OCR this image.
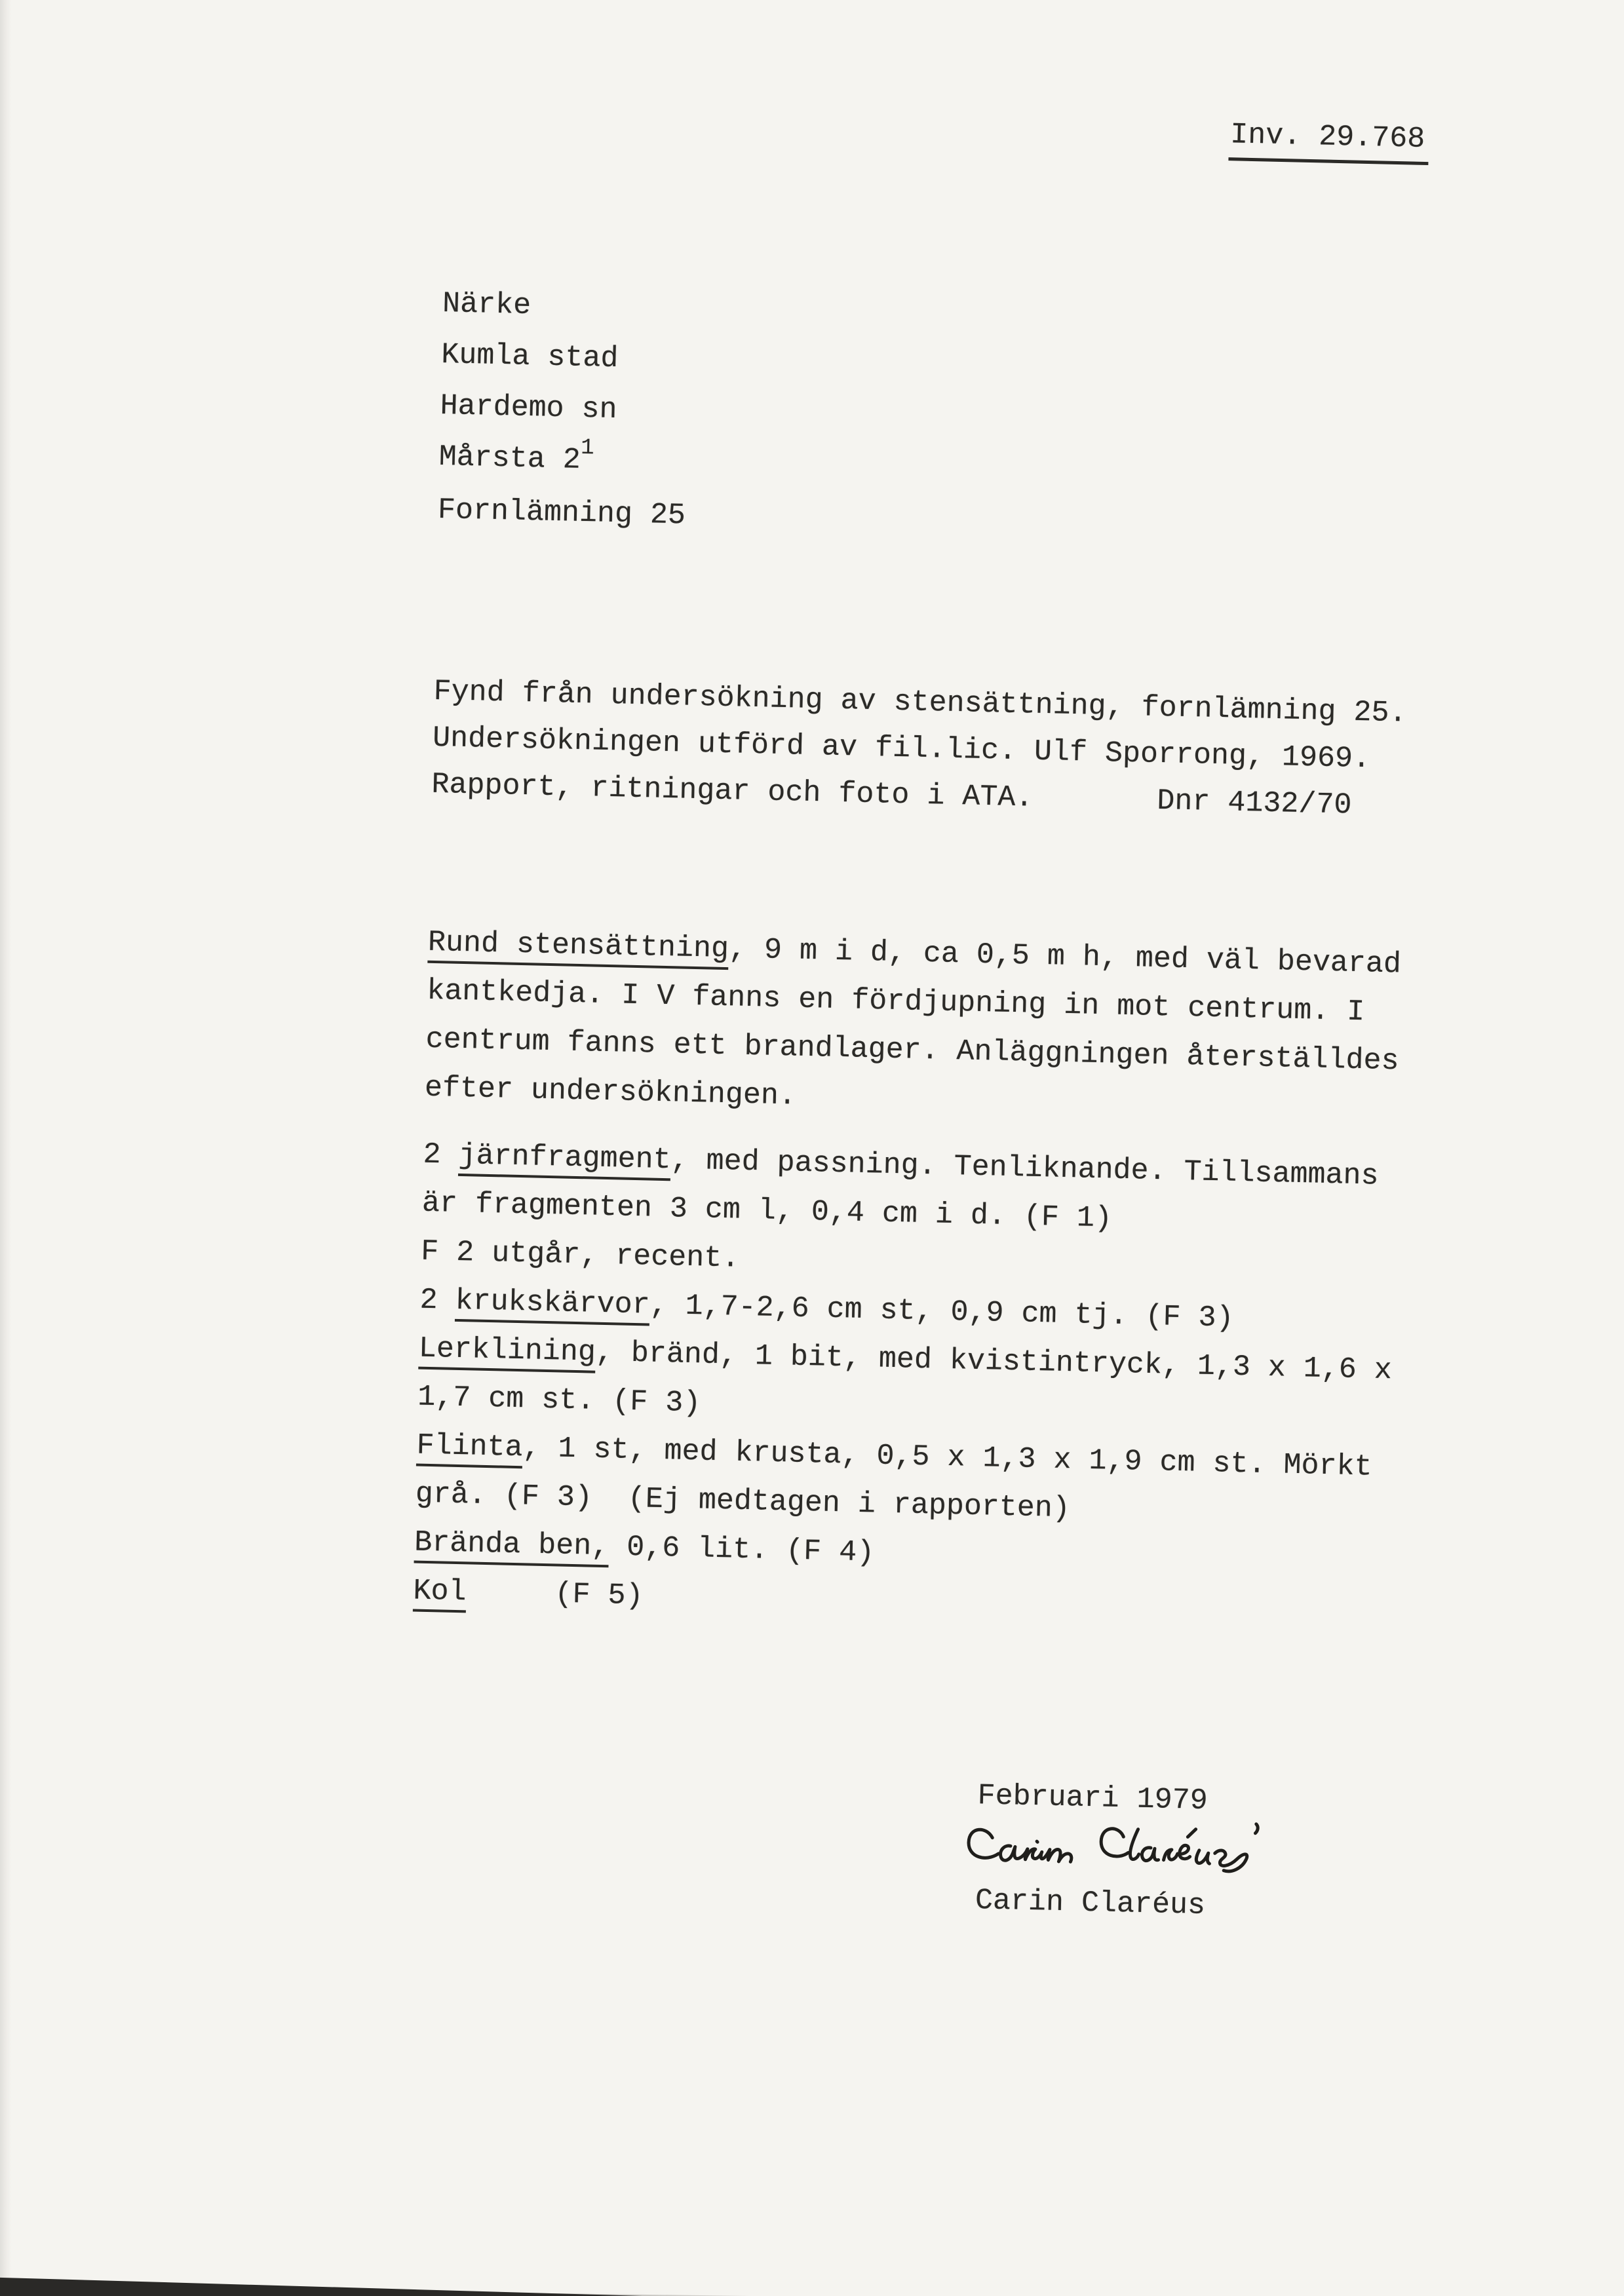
Inv. 29.768
Närke
Kumla stad
Hardemo sn
Mårsta 21
Fornlämning 25
Fynd från undersökning av stensättning, fornlämning 25.
Undersökningen utförd av fil.lic. Ulf Sporrong, 1969.
Rapport, ritningar och foto i ATA.       Dnr 4132/70
Rund stensättning, 9 m i d, ca 0,5 m h, med väl bevarad
kantkedja. I V fanns en fördjupning in mot centrum. I
centrum fanns ett brandlager. Anläggningen återställdes
efter undersökningen.
2 järnfragment, med passning. Tenliknande. Tillsammans
är fragmenten 3 cm l, 0,4 cm i d. (F 1)
F 2 utgår, recent.
2 krukskärvor, 1,7-2,6 cm st, 0,9 cm tj. (F 3)
Lerklining, bränd, 1 bit, med kvistintryck, 1,3 x 1,6 x
1,7 cm st. (F 3)
Flinta, 1 st, med krusta, 0,5 x 1,3 x 1,9 cm st. Mörkt
grå. (F 3)  (Ej medtagen i rapporten)
Brända ben, 0,6 lit. (F 4)
Kol     (F 5)
Februari 1979
Carin Claréus
